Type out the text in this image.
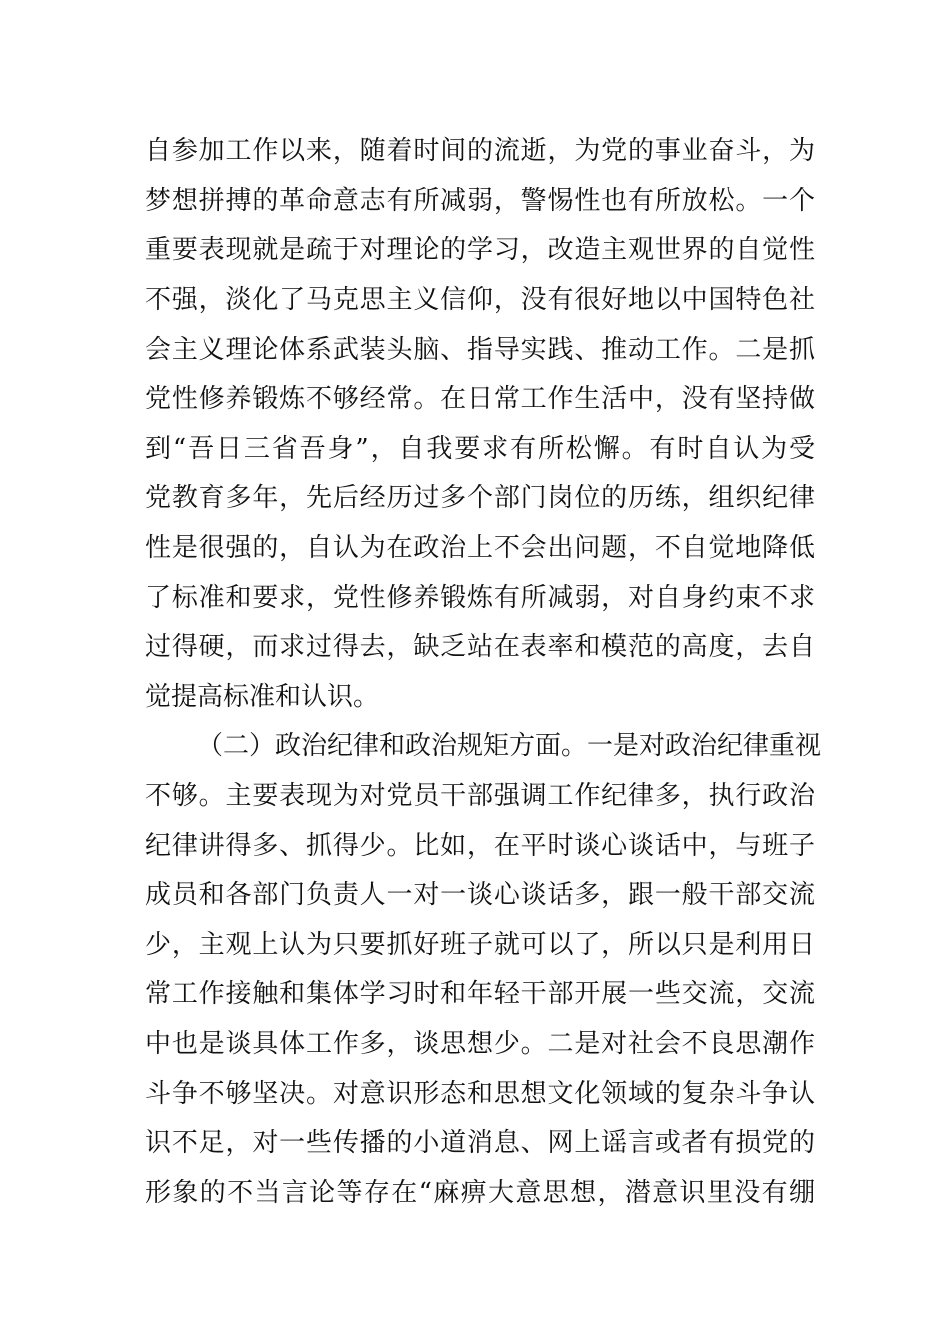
自参加工作以来，随着时间的流逝，为党的事业奋斗，为
梦想拼搏的革命意志有所减弱，警惕性也有所放松。一个
重要表现就是疏于对理论的学习，改造主观世界的自觉性
不强，淡化了马克思主义信仰，没有很好地以中国特色社
会主义理论体系武装头脑、指导实践、推动工作。二是抓
党性修养锻炼不够经常。在日常工作生活中，没有坚持做
到“吾日三省吾身”，自我要求有所松懈。有时自认为受
党教育多年，先后经历过多个部门岗位的历练，组织纪律
性是很强的，自认为在政治上不会出问题，不自觉地降低
了标准和要求，党性修养锻炼有所减弱，对自身约束不求
过得硬，而求过得去，缺乏站在表率和模范的高度，去自
觉提高标准和认识。
（二）政治纪律和政治规矩方面。一是对政治纪律重视
不够。主要表现为对党员干部强调工作纪律多，执行政治
纪律讲得多、抓得少。比如，在平时谈心谈话中，与班子
成员和各部门负责人一对一谈心谈话多，跟一般干部交流
少，主观上认为只要抓好班子就可以了，所以只是利用日
常工作接触和集体学习时和年轻干部开展一些交流，交流
中也是谈具体工作多，谈思想少。二是对社会不良思潮作
斗争不够坚决。对意识形态和思想文化领域的复杂斗争认
识不足，对一些传播的小道消息、网上谣言或者有损党的
形象的不当言论等存在“麻痹大意思想，潜意识里没有绷
